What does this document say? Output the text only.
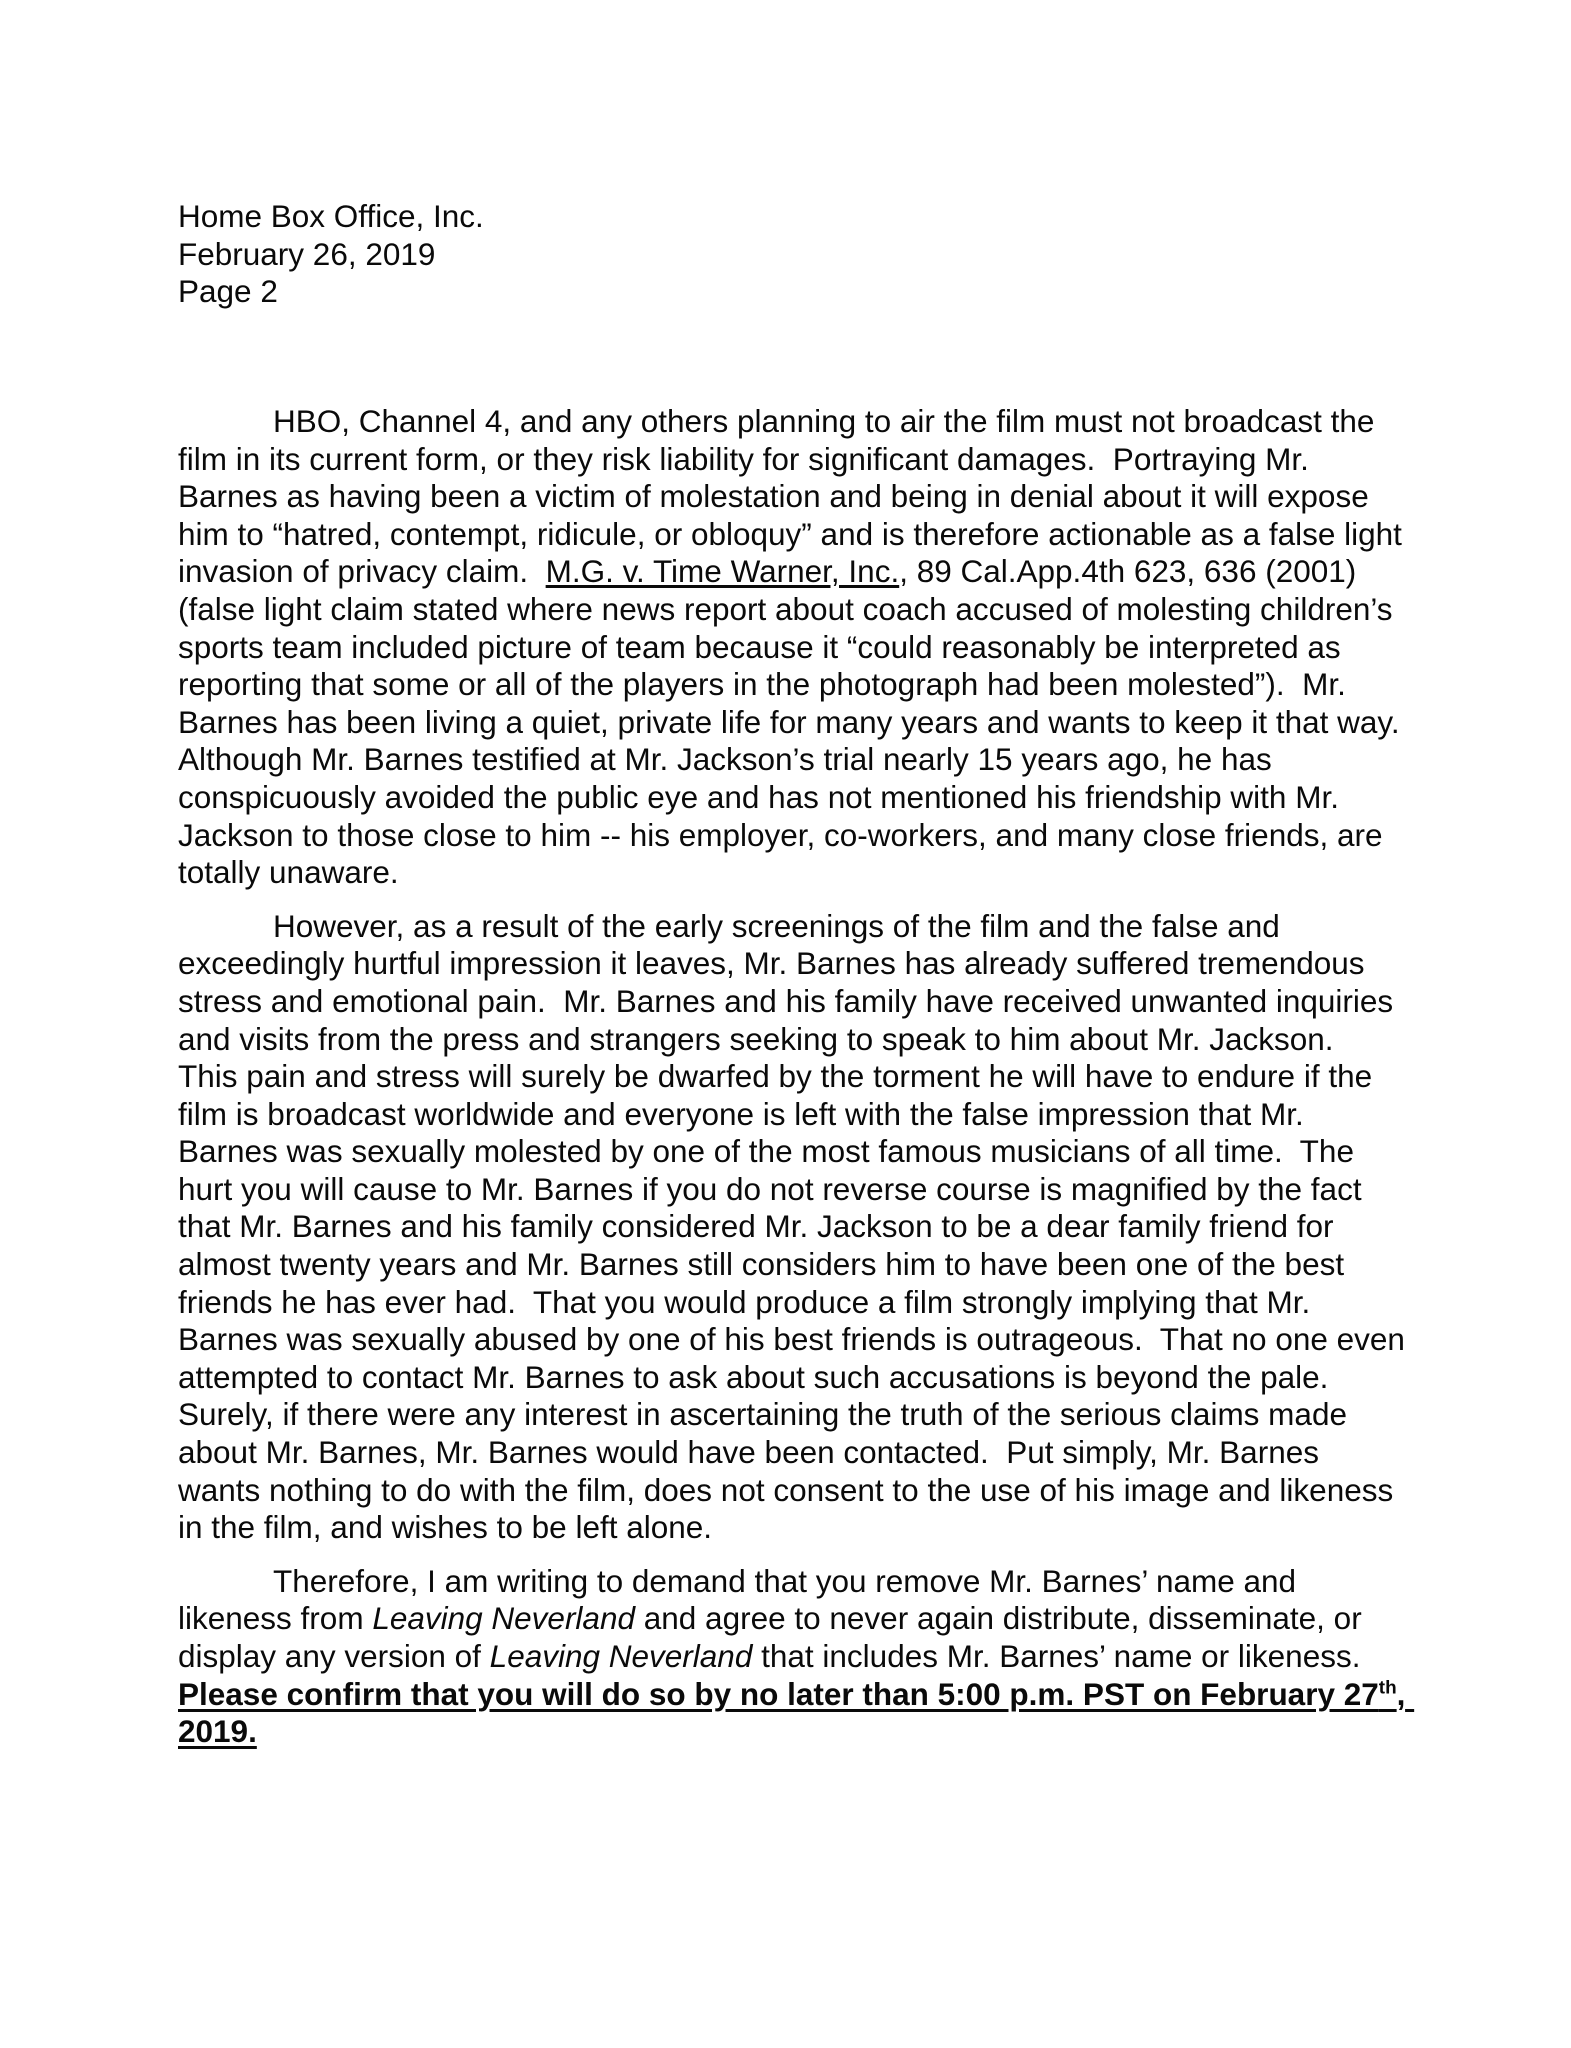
Home Box Office, Inc.
February 26, 2019
Page 2

HBO, Channel 4, and any others planning to air the film must not broadcast the film in its current form, or they risk liability for significant damages.  Portraying Mr. Barnes as having been a victim of molestation and being in denial about it will expose him to “hatred, contempt, ridicule, or obloquy” and is therefore actionable as a false light invasion of privacy claim.  M.G. v. Time Warner, Inc., 89 Cal.App.4th 623, 636 (2001) (false light claim stated where news report about coach accused of molesting children’s sports team included picture of team because it “could reasonably be interpreted as reporting that some or all of the players in the photograph had been molested”).  Mr. Barnes has been living a quiet, private life for many years and wants to keep it that way.  Although Mr. Barnes testified at Mr. Jackson’s trial nearly 15 years ago, he has conspicuously avoided the public eye and has not mentioned his friendship with Mr. Jackson to those close to him -- his employer, co-workers, and many close friends, are totally unaware.

However, as a result of the early screenings of the film and the false and exceedingly hurtful impression it leaves, Mr. Barnes has already suffered tremendous stress and emotional pain.  Mr. Barnes and his family have received unwanted inquiries and visits from the press and strangers seeking to speak to him about Mr. Jackson.  This pain and stress will surely be dwarfed by the torment he will have to endure if the film is broadcast worldwide and everyone is left with the false impression that Mr. Barnes was sexually molested by one of the most famous musicians of all time.  The hurt you will cause to Mr. Barnes if you do not reverse course is magnified by the fact that Mr. Barnes and his family considered Mr. Jackson to be a dear family friend for almost twenty years and Mr. Barnes still considers him to have been one of the best friends he has ever had.  That you would produce a film strongly implying that Mr. Barnes was sexually abused by one of his best friends is outrageous.  That no one even attempted to contact Mr. Barnes to ask about such accusations is beyond the pale.  Surely, if there were any interest in ascertaining the truth of the serious claims made about Mr. Barnes, Mr. Barnes would have been contacted.  Put simply, Mr. Barnes wants nothing to do with the film, does not consent to the use of his image and likeness in the film, and wishes to be left alone.

Therefore, I am writing to demand that you remove Mr. Barnes’ name and likeness from Leaving Neverland and agree to never again distribute, disseminate, or display any version of Leaving Neverland that includes Mr. Barnes’ name or likeness.  Please confirm that you will do so by no later than 5:00 p.m. PST on February 27th, 2019.
